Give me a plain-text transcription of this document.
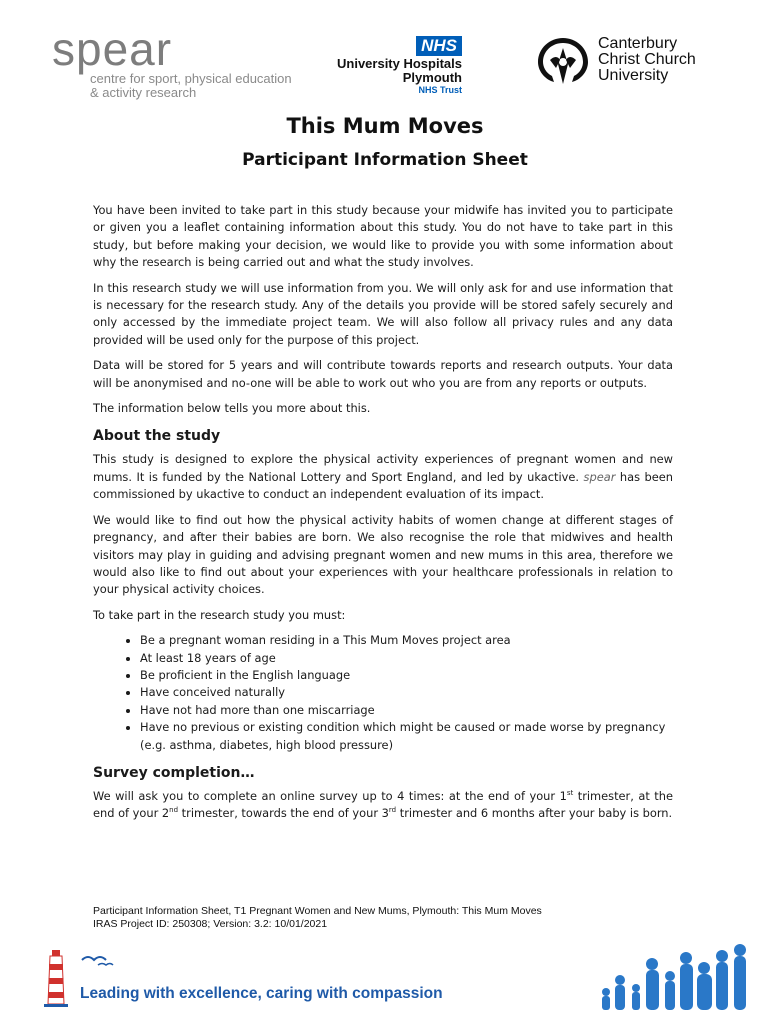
spear
centre for sport, physical education
& activity research
NHS
University Hospitals
Plymouth
NHS Trust
Canterbury
Christ Church
University
This Mum Moves
Participant Information Sheet

You have been invited to take part in this study because your midwife has invited you to participate or given you a leaflet containing information about this study. You do not have to take part in this study, but before making your decision, we would like to provide you with some information about why the research is being carried out and what the study involves.

In this research study we will use information from you. We will only ask for and use information that is necessary for the research study. Any of the details you provide will be stored safely securely and only accessed by the immediate project team. We will also follow all privacy rules and any data provided will be used only for the purpose of this project.

Data will be stored for 5 years and will contribute towards reports and research outputs. Your data will be anonymised and no-one will be able to work out who you are from any reports or outputs.

The information below tells you more about this.

About the study

This study is designed to explore the physical activity experiences of pregnant women and new mums. It is funded by the National Lottery and Sport England, and led by ukactive. spear has been commissioned by ukactive to conduct an independent evaluation of its impact.

We would like to find out how the physical activity habits of women change at different stages of pregnancy, and after their babies are born. We also recognise the role that midwives and health visitors may play in guiding and advising pregnant women and new mums in this area, therefore we would also like to find out about your experiences with your healthcare professionals in relation to your physical activity choices.

To take part in the research study you must:

• Be a pregnant woman residing in a This Mum Moves project area
• At least 18 years of age
• Be proficient in the English language
• Have conceived naturally
• Have not had more than one miscarriage
• Have no previous or existing condition which might be caused or made worse by pregnancy (e.g. asthma, diabetes, high blood pressure)
Survey completion…

We will ask you to complete an online survey up to 4 times: at the end of your 1st trimester, at the end of your 2nd trimester, towards the end of your 3rd trimester and 6 months after your baby is born.

Participant Information Sheet, T1 Pregnant Women and New Mums, Plymouth: This Mum Moves
IRAS Project ID: 250308; Version: 3.2: 10/01/2021
Leading with excellence, caring with compassion
